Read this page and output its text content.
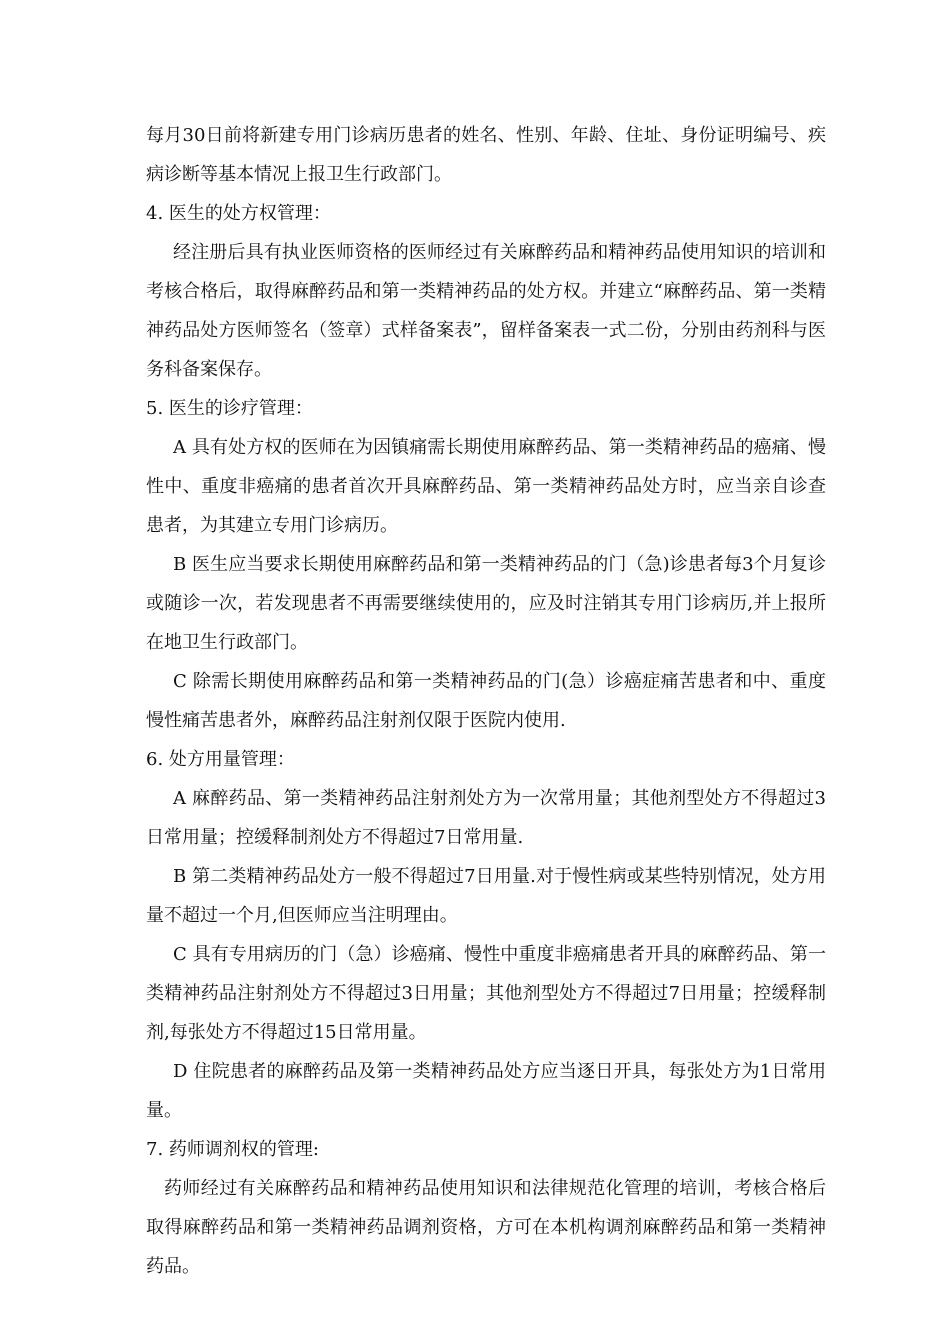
每月30日前将新建专用门诊病历患者的姓名、性别、年龄、住址、身份证明编号、疾病诊断等基本情况上报卫生行政部门。

4. 医生的处方权管理：

经注册后具有执业医师资格的医师经过有关麻醉药品和精神药品使用知识的培训和考核合格后，取得麻醉药品和第一类精神药品的处方权。并建立“麻醉药品、第一类精神药品处方医师签名（签章）式样备案表”，留样备案表一式二份，分别由药剂科与医务科备案保存。

5. 医生的诊疗管理：

A 具有处方权的医师在为因镇痛需长期使用麻醉药品、第一类精神药品的癌痛、慢性中、重度非癌痛的患者首次开具麻醉药品、第一类精神药品处方时，应当亲自诊查患者，为其建立专用门诊病历。

B 医生应当要求长期使用麻醉药品和第一类精神药品的门（急)诊患者每3个月复诊或随诊一次，若发现患者不再需要继续使用的，应及时注销其专用门诊病历,并上报所在地卫生行政部门。

C 除需长期使用麻醉药品和第一类精神药品的门(急）诊癌症痛苦患者和中、重度慢性痛苦患者外，麻醉药品注射剂仅限于医院内使用.

6. 处方用量管理：

A 麻醉药品、第一类精神药品注射剂处方为一次常用量；其他剂型处方不得超过3日常用量；控缓释制剂处方不得超过7日常用量.

B 第二类精神药品处方一般不得超过7日用量.对于慢性病或某些特别情况，处方用量不超过一个月,但医师应当注明理由。

C 具有专用病历的门（急）诊癌痛、慢性中重度非癌痛患者开具的麻醉药品、第一类精神药品注射剂处方不得超过3日用量；其他剂型处方不得超过7日用量；控缓释制剂,每张处方不得超过15日常用量。

D 住院患者的麻醉药品及第一类精神药品处方应当逐日开具，每张处方为1日常用量。

7. 药师调剂权的管理:

药师经过有关麻醉药品和精神药品使用知识和法律规范化管理的培训，考核合格后取得麻醉药品和第一类精神药品调剂资格，方可在本机构调剂麻醉药品和第一类精神药品。
